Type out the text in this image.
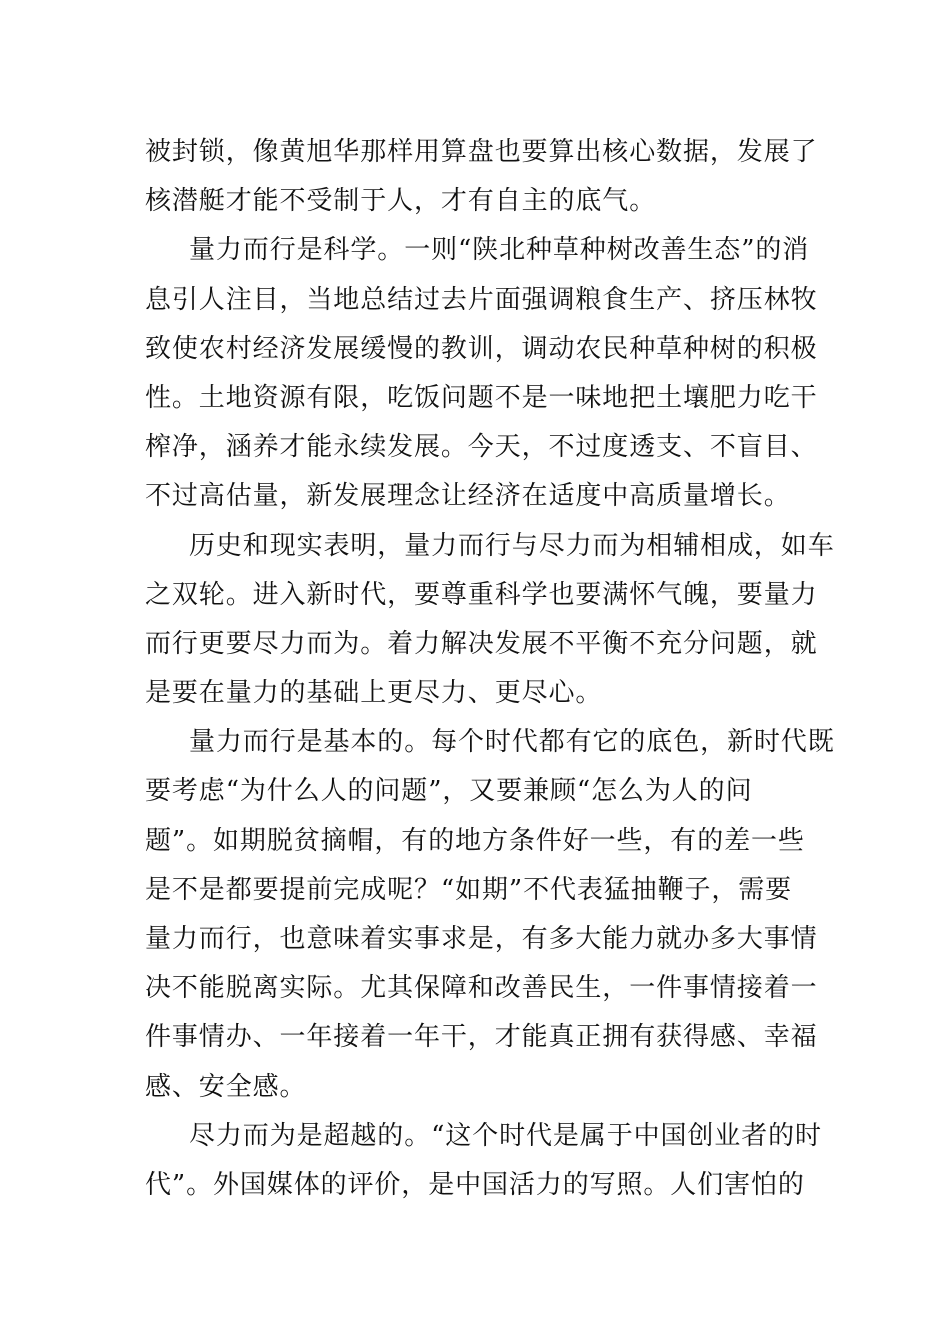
被封锁，像黄旭华那样用算盘也要算出核心数据，发展了
核潜艇才能不受制于人，才有自主的底气。
量力而行是科学。一则“陕北种草种树改善生态”的消
息引人注目，当地总结过去片面强调粮食生产、挤压林牧
致使农村经济发展缓慢的教训，调动农民种草种树的积极
性。土地资源有限，吃饭问题不是一味地把土壤肥力吃干
榨净，涵养才能永续发展。今天，不过度透支、不盲目、
不过高估量，新发展理念让经济在适度中高质量增长。
历史和现实表明，量力而行与尽力而为相辅相成，如车
之双轮。进入新时代，要尊重科学也要满怀气魄，要量力
而行更要尽力而为。着力解决发展不平衡不充分问题，就
是要在量力的基础上更尽力、更尽心。
量力而行是基本的。每个时代都有它的底色，新时代既
要考虑“为什么人的问题”，又要兼顾“怎么为人的问
题”。如期脱贫摘帽，有的地方条件好一些，有的差一些
是不是都要提前完成呢？“如期”不代表猛抽鞭子，需要
量力而行，也意味着实事求是，有多大能力就办多大事情
决不能脱离实际。尤其保障和改善民生，一件事情接着一
件事情办、一年接着一年干，才能真正拥有获得感、幸福
感、安全感。
尽力而为是超越的。“这个时代是属于中国创业者的时
代”。外国媒体的评价，是中国活力的写照。人们害怕的
